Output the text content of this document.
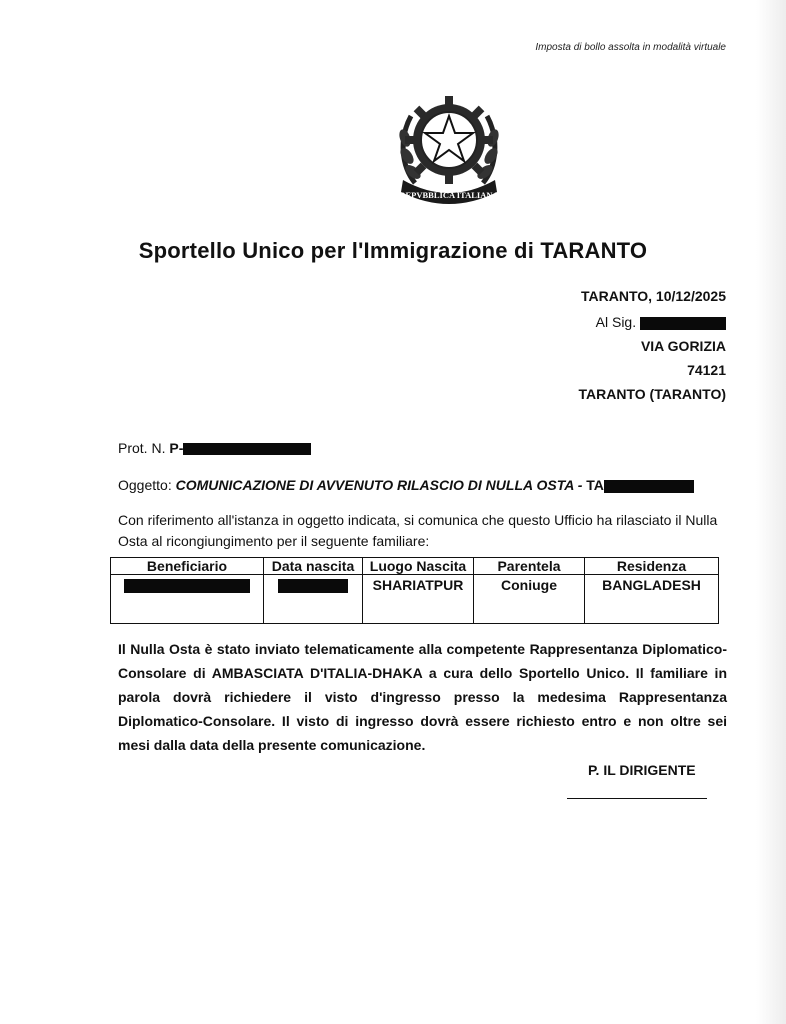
Imposta di bollo assolta in modalità virtuale
REPVBBLICA ITALIANA
Sportello Unico per l'Immigrazione di TARANTO
TARANTO, 10/12/2025
Al Sig.
VIA GORIZIA
74121
TARANTO (TARANTO)
Prot. N. P-
Oggetto: COMUNICAZIONE DI AVVENUTO RILASCIO DI NULLA OSTA - TA
Con riferimento all'istanza in oggetto indicata, si comunica che questo Ufficio ha rilasciato il Nulla Osta al ricongiungimento per il seguente familiare:
Beneficiario	Data nascita	Luogo Nascita	Parentela	Residenza
		SHARIATPUR	Coniuge	BANGLADESH
Il Nulla Osta è stato inviato telematicamente alla competente Rappresentanza Diplomatico-Consolare di AMBASCIATA D'ITALIA-DHAKA a cura dello Sportello Unico. Il familiare in parola dovrà richiedere il visto d'ingresso presso la medesima Rappresentanza Diplomatico-Consolare. Il visto di ingresso dovrà essere richiesto entro e non oltre sei mesi dalla data della presente comunicazione.
P. IL DIRIGENTE
